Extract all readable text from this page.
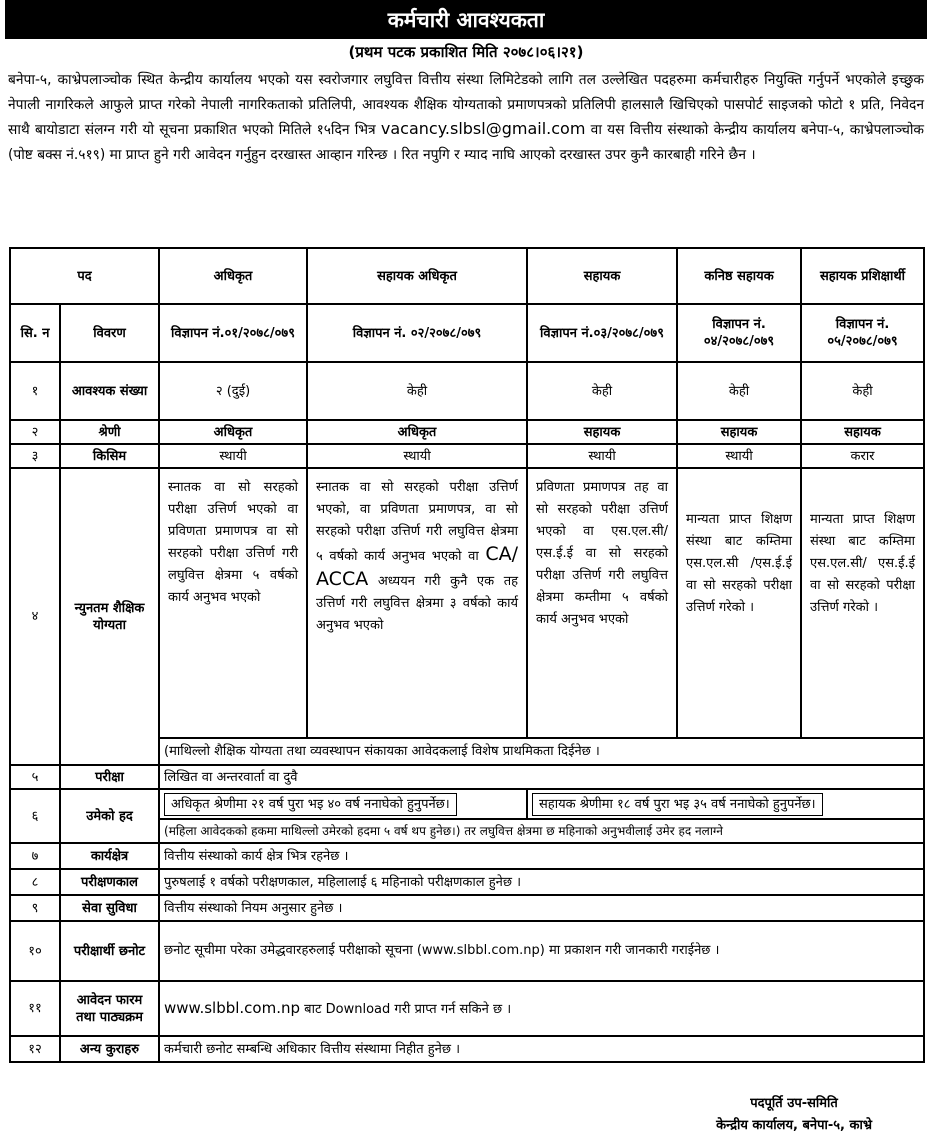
कर्मचारी आवश्यकता
(प्रथम पटक प्रकाशित मिति २०७८।०६।२१)
बनेपा-५, काभ्रेपलाञ्चोक स्थित केन्द्रीय कार्यालय भएको यस स्वरोजगार लघुवित्त वित्तीय संस्था लिमिटेडको लागि तल उल्लेखित पदहरुमा कर्मचारीहरु नियुक्ति गर्नुपर्ने भएकोले इच्छुक नेपाली नागरिकले आफुले प्राप्त गरेको नेपाली नागरिकताको प्रतिलिपी, आवश्यक शैक्षिक योग्यताको प्रमाणपत्रको प्रतिलिपी हालसालै खिचिएको पासपोर्ट साइजको फोटो १ प्रति, निवेदन साथै बायोडाटा संलग्न गरी यो सूचना प्रकाशित भएको मितिले १५दिन भित्र vacancy.slbsl@gmail.com वा यस वित्तीय संस्थाको केन्द्रीय कार्यालय बनेपा-५, काभ्रेपलाञ्चोक (पोष्ट बक्स नं.५१९) मा प्राप्त हुने गरी आवेदन गर्नुहुन दरखास्त आव्हान गरिन्छ । रित नपुगि र म्याद नाघि आएको दरखास्त उपर कुनै कारबाही गरिने छैन ।
पद		अधिकृत	सहायक अधिकृत	सहायक	कनिष्ठ सहायक	सहायक प्रशिक्षार्थी
सि. न	विवरण	विज्ञापन नं.०१/२०७८/०७९	विज्ञापन नं. ०२/२०७८/०७९	विज्ञापन नं.०३/२०७८/०७९	विज्ञापन नं. ०४/२०७८/०७९	विज्ञापन नं. ०५/२०७८/०७९
१	आवश्यक संख्या	२ (दुई)	केही	केही	केही	केही
२	श्रेणी	अधिकृत	अधिकृत	सहायक	सहायक	सहायक
३	किसिम	स्थायी	स्थायी	स्थायी	स्थायी	करार
४	न्युनतम शैक्षिक योग्यता	स्नातक वा सो सरहको परीक्षा उत्तिर्ण भएको वा प्रविणता प्रमाणपत्र वा सो सरहको परीक्षा उत्तिर्ण गरी लघुवित्त क्षेत्रमा ५ वर्षको कार्य अनुभव भएको	स्नातक वा सो सरहको परीक्षा उत्तिर्ण भएको, वा प्रविणता प्रमाणपत्र, वा सो सरहको परीक्षा उत्तिर्ण गरी लघुवित्त क्षेत्रमा ५ वर्षको कार्य अनुभव भएको वा CA/ ACCA अध्ययन गरी कुनै एक तह उत्तिर्ण गरी लघुवित्त क्षेत्रमा ३ वर्षको कार्य अनुभव भएको	प्रविणता प्रमाणपत्र तह वा सो सरहको परीक्षा उत्तिर्ण भएको वा एस.एल.सी/एस.ई.ई वा सो सरहको परीक्षा उत्तिर्ण गरी लघुवित्त क्षेत्रमा कम्तीमा ५ वर्षको कार्य अनुभव भएको	मान्यता प्राप्त शिक्षण संस्था बाट कम्तिमा एस.एल.सी /एस.ई.ई वा सो सरहको परीक्षा उत्तिर्ण गरेको ।	मान्यता प्राप्त शिक्षण संस्था बाट कम्तिमा एस.एल.सी/ एस.ई.ई वा सो सरहको परीक्षा उत्तिर्ण गरेको ।
		(माथिल्लो शैक्षिक योग्यता तथा व्यवस्थापन संकायका आवेदकलाई विशेष प्राथमिकता दिईनेछ ।				
५	परीक्षा	लिखित वा अन्तरवार्ता वा दुवै				
६	उमेको हद	अधिकृत श्रेणीमा २१ वर्ष पुरा भइ ४० वर्ष ननाघेको हुनुपर्नेछ।		सहायक श्रेणीमा १८ वर्ष पुरा भइ ३५ वर्ष ननाघेको हुनुपर्नेछ।		
		(महिला आवेदकको हकमा माथिल्लो उमेरको हदमा ५ वर्ष थप हुनेछ।) तर लघुवित्त क्षेत्रमा छ महिनाको अनुभवीलाई उमेर हद नलाग्ने				
७	कार्यक्षेत्र	वित्तीय संस्थाको कार्य क्षेत्र भित्र रहनेछ ।				
८	परीक्षणकाल	पुरुषलाई १ वर्षको परीक्षणकाल, महिलालाई ६ महिनाको परीक्षणकाल हुनेछ ।				
९	सेवा सुविधा	वित्तीय संस्थाको नियम अनुसार हुनेछ ।				
१०	परीक्षार्थी छनोट	छनोट सूचीमा परेका उमेद्धवारहरुलाई परीक्षाको सूचना (www.slbbl.com.np) मा प्रकाशन गरी जानकारी गराईनेछ ।				
११	आवेदन फारम तथा पाठ्यक्रम	www.slbbl.com.np बाट Download गरी प्राप्त गर्न सकिने छ ।				
१२	अन्य कुराहरु	कर्मचारी छनोट सम्बन्धि अधिकार वित्तीय संस्थामा निहीत हुनेछ ।				
पदपूर्ति उप-समिति
केन्द्रीय कार्यालय, बनेपा-५, काभ्रे
